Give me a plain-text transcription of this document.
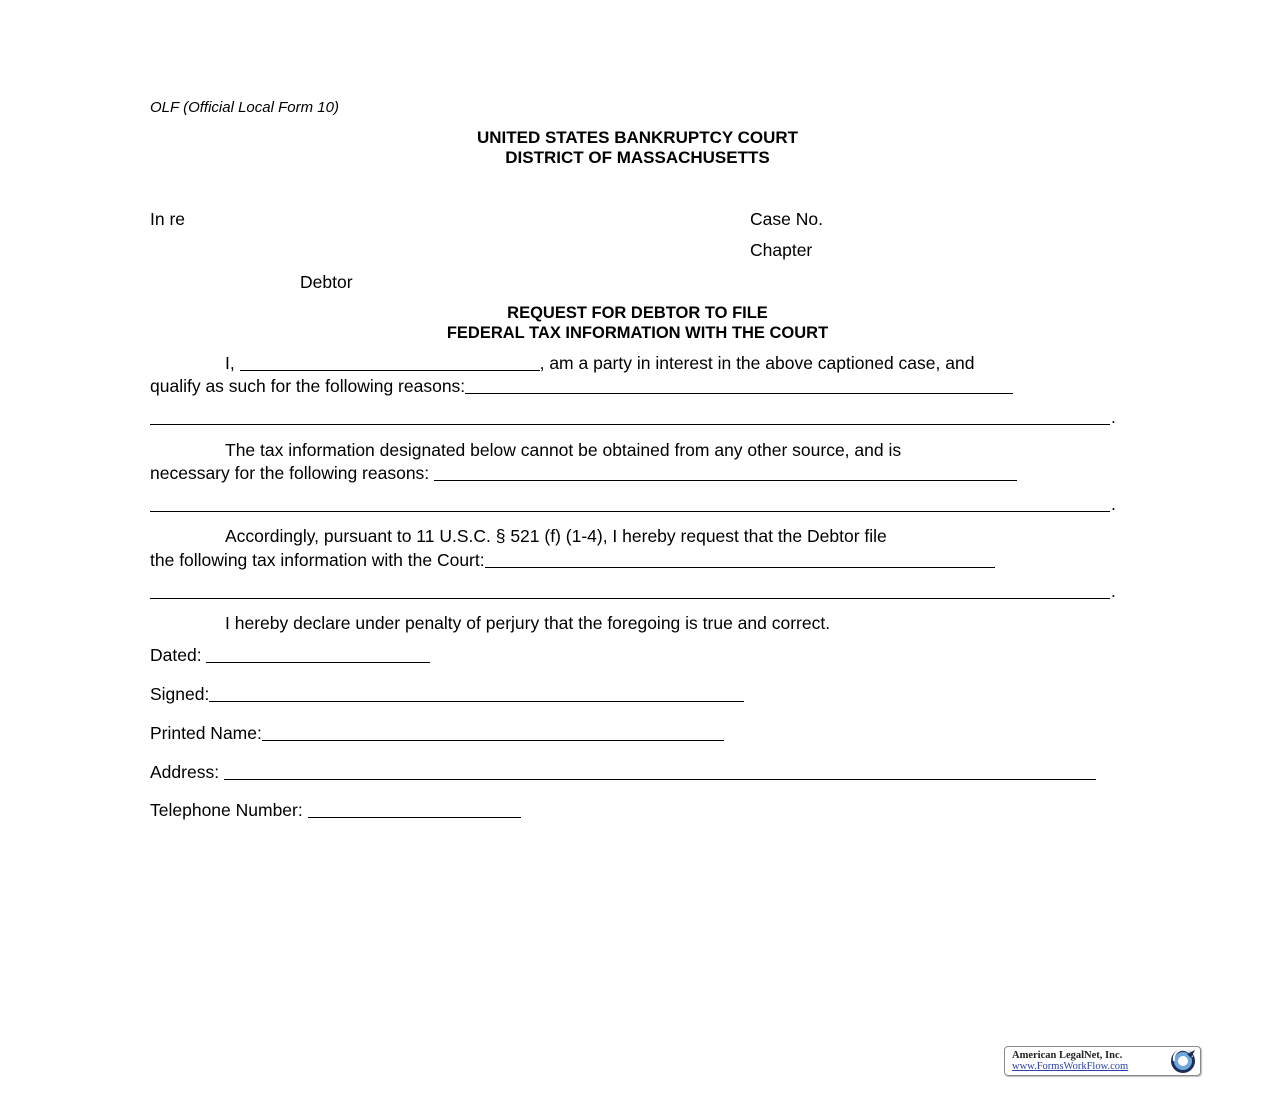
OLF (Official Local Form 10)
UNITED STATES BANKRUPTCY COURT
DISTRICT OF MASSACHUSETTS
In re	Case No.
Chapter
Debtor
REQUEST FOR DEBTOR TO FILE
FEDERAL TAX INFORMATION WITH THE COURT
I,	, am a party in interest in the above captioned case, and
qualify as such for the following reasons:
.
The tax information designated below cannot be obtained from any other source, and is
necessary for the following reasons:
.
Accordingly, pursuant to 11 U.S.C. § 521 (f) (1-4), I hereby request that the Debtor file
the following tax information with the Court:
.
I hereby declare under penalty of perjury that the foregoing is true and correct.
Dated:
Signed:
Printed Name:
Address:
Telephone Number:
American LegalNet, Inc.
www.FormsWorkFlow.com
